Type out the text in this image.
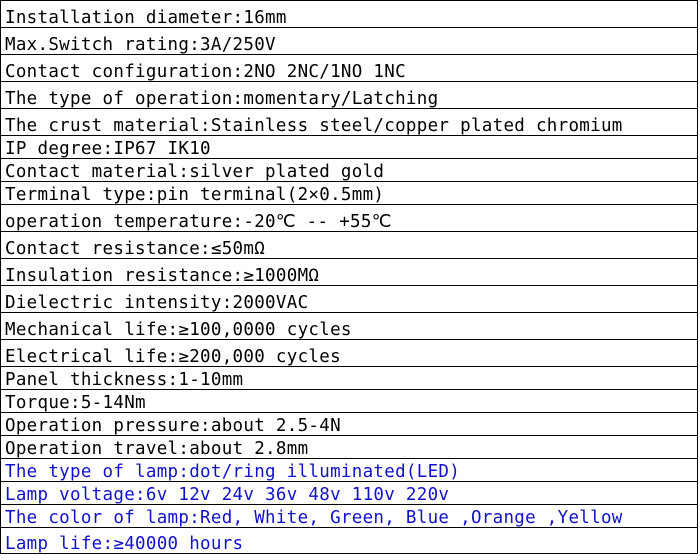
Installation diameter:16mm
Max.Switch rating:3A/250V
Contact configuration:2NO 2NC/1NO 1NC
The type of operation:momentary/Latching
The crust material:Stainless steel/copper plated chromium
IP degree:IP67 IK10
Contact material:silver plated gold
Terminal type:pin terminal(2×0.5mm)
operation temperature:-20℃ -- +55℃
Contact resistance:≤50mΩ
Insulation resistance:≥1000MΩ
Dielectric intensity:2000VAC
Mechanical life:≥100,0000 cycles
Electrical life:≥200,000 cycles
Panel thickness:1-10mm
Torque:5-14Nm
Operation pressure:about 2.5-4N
Operation travel:about 2.8mm
The type of lamp:dot/ring illuminated(LED)
Lamp voltage:6v 12v 24v 36v 48v 110v 220v
The color of lamp:Red, White, Green, Blue ,Orange ,Yellow
Lamp life:≥40000 hours
